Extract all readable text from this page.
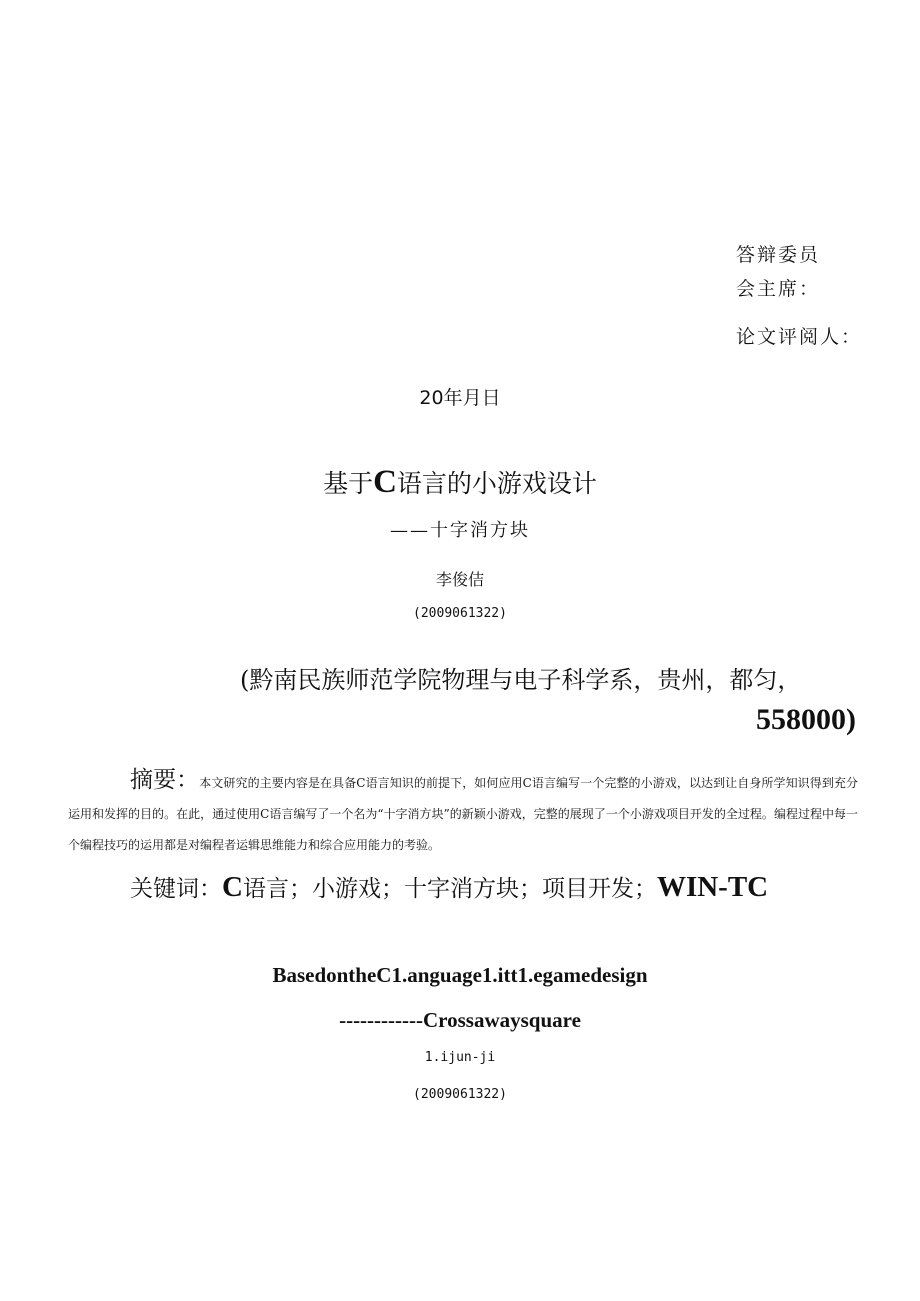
答辩委员
会主席：
论文评阅人：
20年月日
基于C语言的小游戏设计
——十字消方块
李俊佶
(2009061322)
(黔南民族师范学院物理与电子科学系，贵州，都匀，
558000)

摘要：本文研究的主要内容是在具备C语言知识的前提下，如何应用C语言编写一个完整的小游戏，以达到让自身所学知识得到充分运用和发挥的目的。在此，通过使用C语言编写了一个名为“十字消方块”的新颖小游戏，完整的展现了一个小游戏项目开发的全过程。编程过程中每一个编程技巧的运用都是对编程者运辑思维能力和综合应用能力的考验。

关键词：C语言；小游戏；十字消方块；项目开发；WIN-TC
BasedontheC1.anguage1.itt1.egamedesign
------------Crossawaysquare
1.ijun-ji
(2009061322)
